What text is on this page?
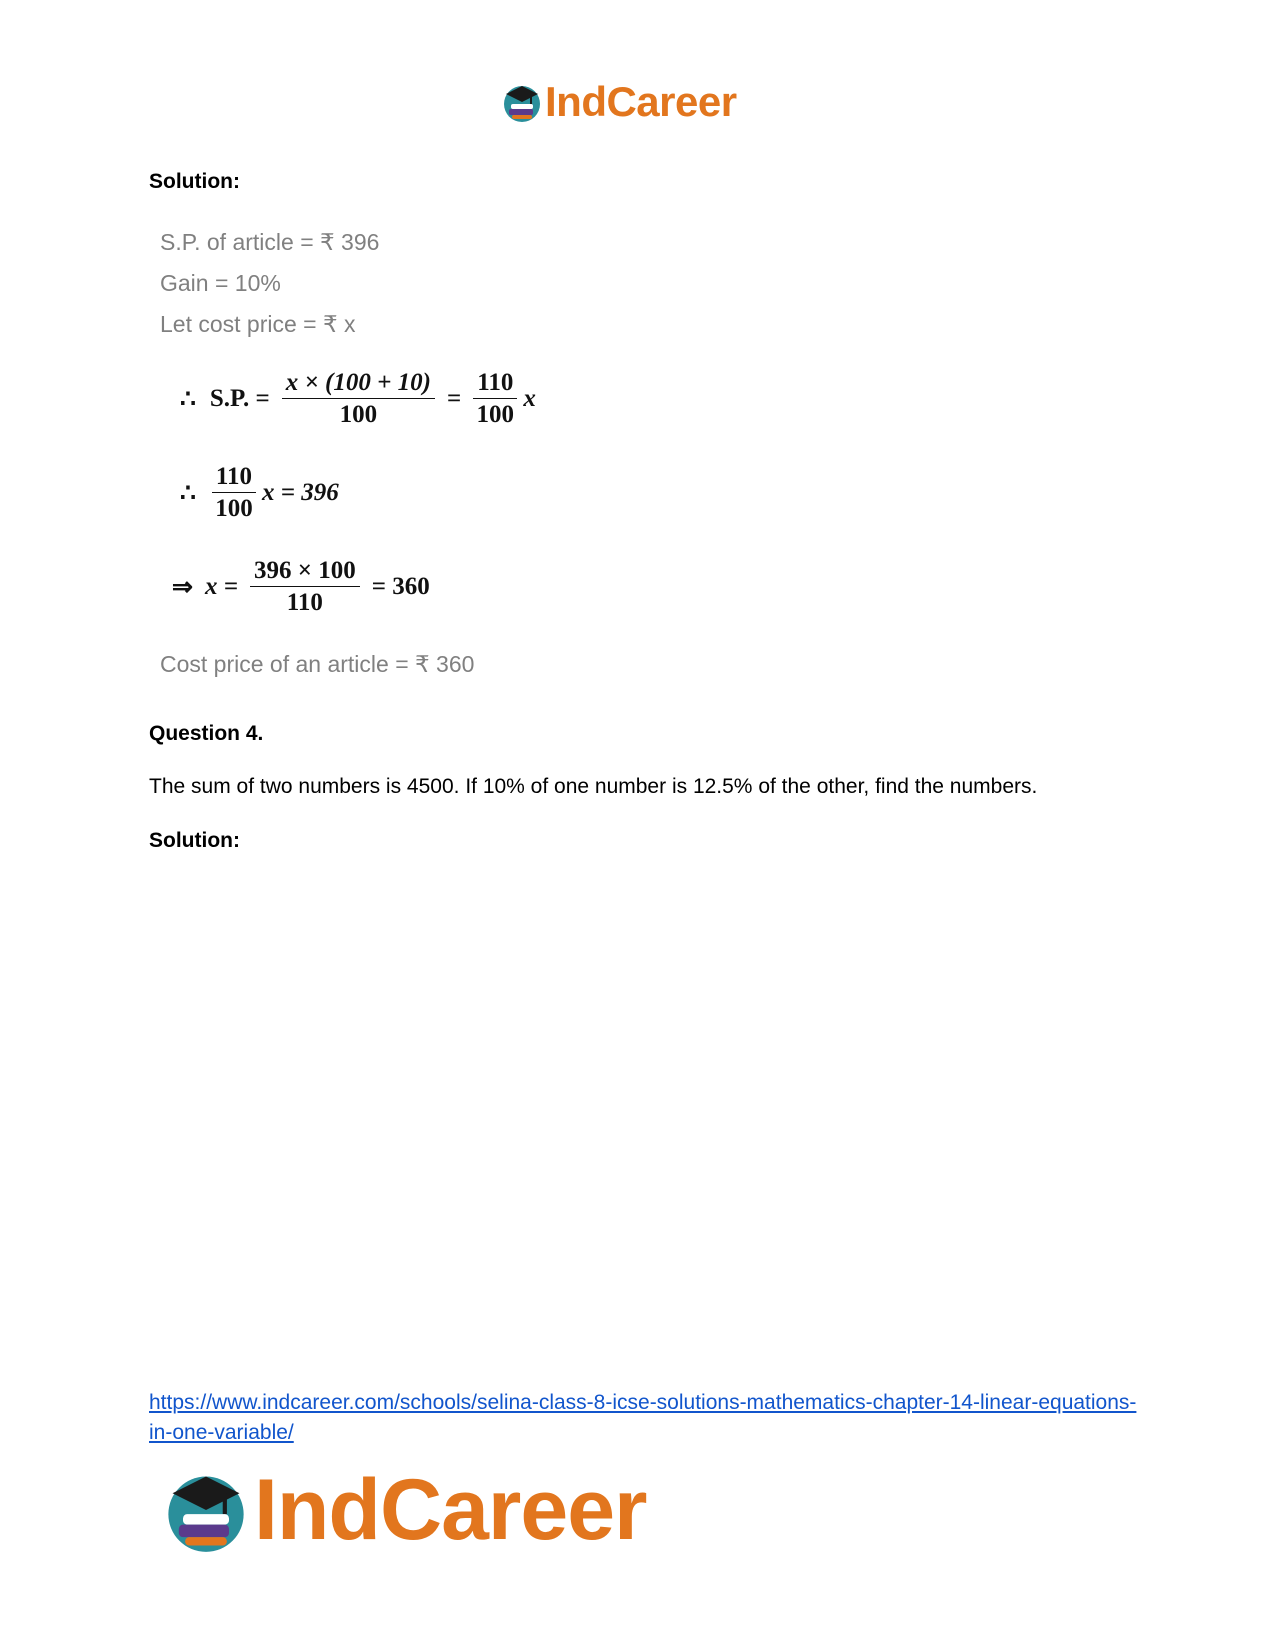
IndCareer
Solution:
S.P. of article = ₹ 396
Gain = 10%
Let cost price = ₹ x
∴ S.P. = $\frac{x \times (100 + 10)}{100} = \frac{110}{100}$ x
∴ $\frac{110}{100}$ x = 396
⇒ $x = \frac{396 \times 100}{110} = 360$
Cost price of an article = ₹ 360
Question 4.
The sum of two numbers is 4500. If 10% of one number is 12.5% of the other, find the numbers.
Solution:
https://www.indcareer.com/schools/selina-class-8-icse-solutions-mathematics-chapter-14-linear-equations-in-one-variable/
IndCareer
